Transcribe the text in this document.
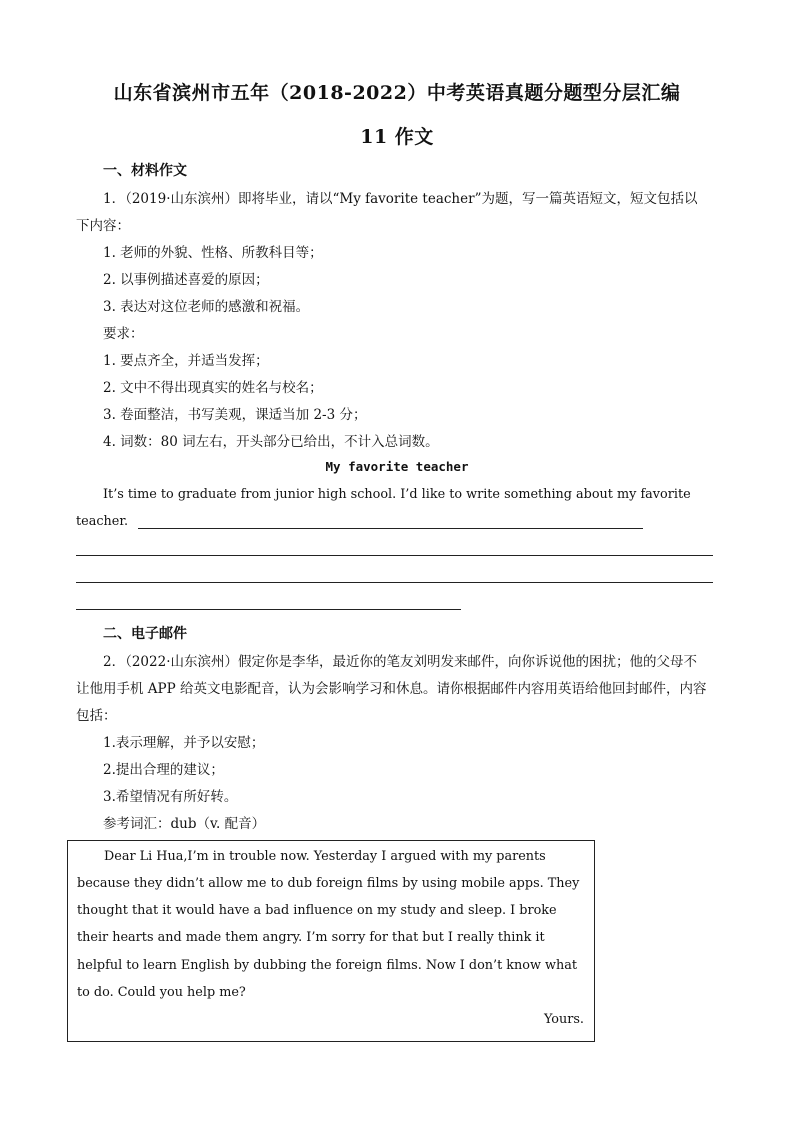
山东省滨州市五年（2018-2022）中考英语真题分题型分层汇编
11 作文
一、材料作文
1．（2019·山东滨州）即将毕业，请以“My favorite teacher”为题，写一篇英语短文，短文包括以
下内容：
1. 老师的外貌、性格、所教科目等；
2. 以事例描述喜爱的原因；
3. 表达对这位老师的感激和祝福。
要求：
1. 要点齐全，并适当发挥；
2. 文中不得出现真实的姓名与校名；
3. 卷面整洁，书写美观，课适当加 2-3 分；
4. 词数：80 词左右，开头部分已给出，不计入总词数。
My favorite teacher
It’s time to graduate from junior high school. I’d like to write something about my favorite
teacher.
二、电子邮件
2．（2022·山东滨州）假定你是李华，最近你的笔友刘明发来邮件，向你诉说他的困扰；他的父母不
让他用手机 APP 给英文电影配音，认为会影响学习和休息。请你根据邮件内容用英语给他回封邮件，内容
包括：
1.表示理解，并予以安慰；
2.提出合理的建议；
3.希望情况有所好转。
参考词汇：dub（v. 配音）
Dear Li Hua,I’m in trouble now. Yesterday I argued with my parents
because they didn’t allow me to dub foreign films by using mobile apps. They
thought that it would have a bad influence on my study and sleep. I broke
their hearts and made them angry. I’m sorry for that but I really think it
helpful to learn English by dubbing the foreign films. Now I don’t know what
to do. Could you help me?
Yours.
